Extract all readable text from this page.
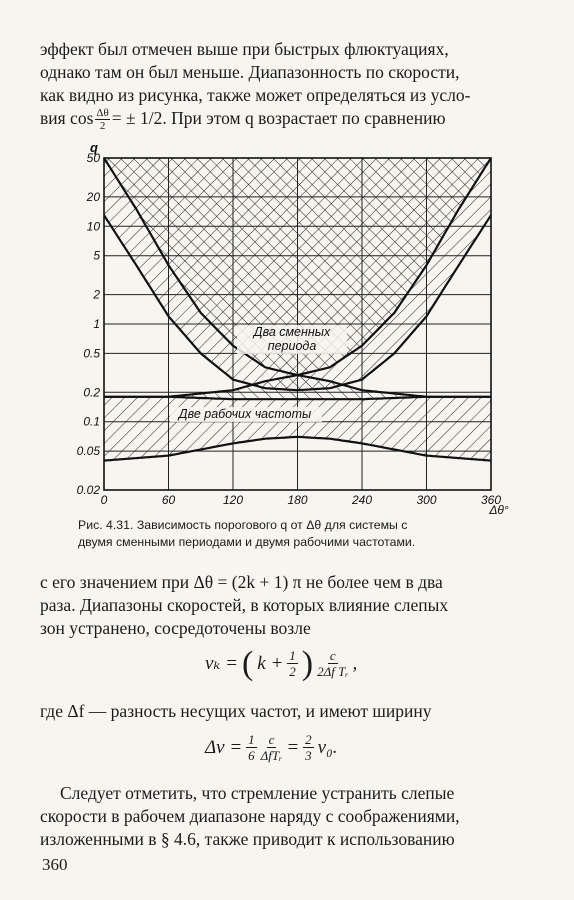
эффект был отмечен выше при быстрых флюктуациях,
однако там он был меньше. Диапазонность по скорости,
как видно из рисунка, также может определяться из усло-
вия $\cos \frac{\Delta\theta}{2}$ = ± 1/2. При этом q возрастает по сравнению
0	60	120	180	240	300	360
50
20
10
5
2
1
0.5
0.2
0.1
0.05
0.02
q
Δθ°
Два сменных
периода
Две рабочих частоты
Рис. 4.31. Зависимость порогового q от Δθ для системы с
двумя сменными периодами и двумя рабочими частотами.
с его значением при Δθ = (2k + 1) π не более чем в два
раза. Диапазоны скоростей, в которых влияние слепых
зон устранено, сосредоточены возле
vₖ = ( $k + \frac{1}{2}$ ) $\frac{c}{\text{2Δf Tᵣ}}$ ,
где Δf — разность несущих частот, и имеют ширину
$\Delta v = \frac{1}{6} \frac{c}{\text{ΔfTᵣ}} = \frac{2}{3} v_0$.
Следует отметить, что стремление устранить слепые
скорости в рабочем диапазоне наряду с соображениями,
изложенными в § 4.6, также приводит к использованию
360
